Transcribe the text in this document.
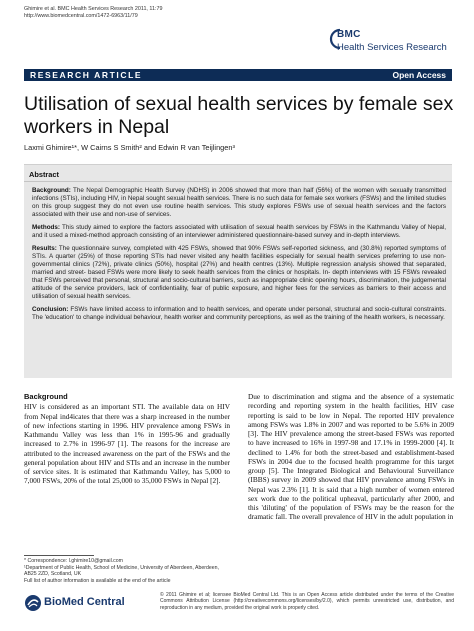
Ghimire et al. BMC Health Services Research 2011, 11:79
http://www.biomedcentral.com/1472-6963/11/79
BMC
Health Services Research
RESEARCH ARTICLE	Open Access
Utilisation of sexual health services by female sex workers in Nepal
Laxmi Ghimire¹*, W Cairns S Smith² and Edwin R van Teijlingen³
Abstract

Background: The Nepal Demographic Health Survey (NDHS) in 2006 showed that more than half (56%) of the women with sexually transmitted infections (STIs), including HIV, in Nepal sought sexual health services. There is no such data for female sex workers (FSWs) and the limited studies on this group suggest they do not even use routine health services. This study explores FSWs use of sexual health services and the factors associated with their use and non-use of services.

Methods: This study aimed to explore the factors associated with utilisation of sexual health services by FSWs in the Kathmandu Valley of Nepal, and it used a mixed-method approach consisting of an interviewer administered questionnaire-based survey and in-depth interviews.

Results: The questionnaire survey, completed with 425 FSWs, showed that 90% FSWs self-reported sickness, and (30.8%) reported symptoms of STIs. A quarter (25%) of those reporting STIs had never visited any health facilities especially for sexual health services preferring to use non-governmental clinics (72%), private clinics (50%), hospital (27%) and health centres (13%). Multiple regression analysis showed that separated, married and street- based FSWs were more likely to seek health services from the clinics or hospitals. In- depth interviews with 15 FSWs revealed that FSWs perceived that personal, structural and socio-cultural barriers, such as inappropriate clinic opening hours, discrimination, the judgemental attitude of the service providers, lack of confidentiality, fear of public exposure, and higher fees for the services as barriers to their access and utilisation of sexual health services.

Conclusion: FSWs have limited access to information and to health services, and operate under personal, structural and socio-cultural constraints. The 'education' to change individual behaviour, health worker and community perceptions, as well as the training of the health workers, is necessary.

Background

HIV is considered as an important STI. The available data on HIV from Nepal ind4icates that there was a sharp increased in the number of new infections starting in 1996. HIV prevalence among FSWs in Kathmandu Valley was less than 1% in 1995-96 and gradually increased to 2.7% in 1996-97 [1]. The reasons for the increase are attributed to the increased awareness on the part of the FSWs and the general population about HIV and STIs and an increase in the number of service sites. It is estimated that Kathmandu Valley, has 5,000 to 7,000 FSWs, 20% of the total 25,000 to 35,000 FSWs in Nepal [2].

Due to discrimination and stigma and the absence of a systematic recording and reporting system in the health facilities, HIV case reporting is said to be low in Nepal. The reported HIV prevalence among FSWs was 1.8% in 2007 and was reported to be 5.6% in 2009 [3]. The HIV prevalence among the street-based FSWs was reported to have increased to 16% in 1997-98 and 17.1% in 1999-2000 [4]. It declined to 1.4% for both the street-based and establishment-based FSWs in 2004 due to the focused health programme for this target group [5]. The Integrated Biological and Behavioural Surveillance (IBBS) survey in 2009 showed that HIV prevalence among FSWs in Nepal was 2.3% [1]. It is said that a high number of women entered sex work due to the political upheaval, particularly after 2000, and this 'diluting' of the population of FSWs may be the reason for the dramatic fall. The overall prevalence of HIV in the adult population in

* Correspondence: l.ghimire10@gmail.com

¹Department of Public Health, School of Medicine, University of Aberdeen, Aberdeen, AB25 2ZD, Scotland, UK

Full list of author information is available at the end of the article

BioMed Central
© 2011 Ghimire et al; licensee BioMed Central Ltd. This is an Open Access article distributed under the terms of the Creative Commons Attribution License (http://creativecommons.org/licenses/by/2.0), which permits unrestricted use, distribution, and reproduction in any medium, provided the original work is properly cited.
